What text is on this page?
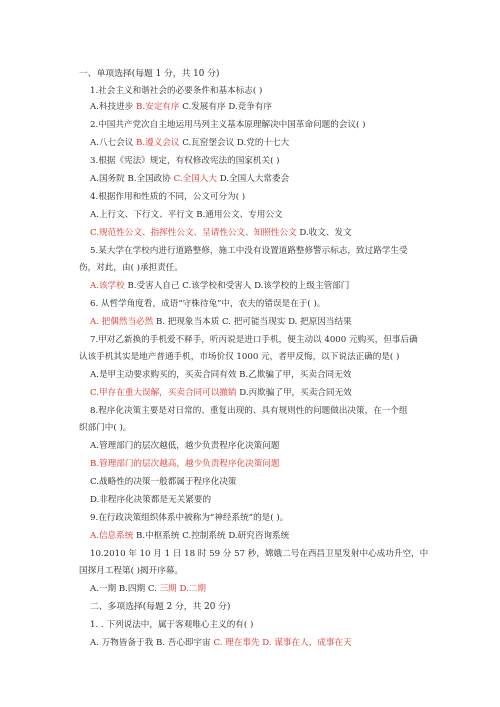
一、单项选择(每题 1 分，共 10 分)
1.社会主义和谐社会的必要条件和基本标志( )
A.科技进步 B.安定有序 C.发展有序 D.竞争有序
2.中国共产党次自主地运用马列主义基本原理解决中国革命问题的会议( )
A.八七会议 B.遵义会议 C.瓦窑堡会议 D.党的十七大
3.根据《宪法》规定，有权修改宪法的国家机关( )
A.国务院 B.全国政协 C.全国人大 D.全国人大常委会
4.根据作用和性质的不同，公文可分为( )
A.上行文、下行文、平行文 B.通用公文、专用公文
C.规范性公文、指挥性公文、呈请性公文、知照性公文 D.收文、发文
5.某大学在学校内进行道路整修，施工中没有设置道路整修警示标志，致过路学生受
伤，对此，由( )承担责任。
A.该学校 B.受害人自己 C.该学校和受害人 D.该学校的上级主管部门
6. 从哲学角度看，成语“守株待兔”中，农夫的错误是在于( )。
A. 把偶然当必然 B. 把现象当本质 C. 把可能当现实 D. 把原因当结果
7.甲对乙新换的手机爱不释手，听丙说是进口手机，便主动以 4000 元购买，但事后确
认该手机其实是地产普通手机，市场价仅 1000 元，者甲反悔，以下说法正确的是( )
A.是甲主动要求购买的，买卖合同有效 B.乙欺骗了甲，买卖合同无效
C.甲存在重大误解，买卖合同可以撤销 D.丙欺骗了甲，买卖合同无效
8.程序化决策主要是对日常的、重复出现的、具有规则性的问题做出决策，在一个组
织部门中( )。
A.管理部门的层次越低，越少负责程序化决策问题
B.管理部门的层次越高，越少负责程序化决策问题
C.战略性的决策一般都属于程序化决策
D.非程序化决策都是无关紧要的
9.在行政决策组织体系中被称为“神经系统”的是( )。
A.信息系统 B.中枢系统 C.控制系统 D.研究咨询系统
10.2010 年 10 月 1 日 18 时 59 分 57 秒，嫦娥二号在西昌卫星发射中心成功升空，中
国探月工程第( )揭开序幕。
A.一期 B.四期 C. 三期 D.二期
二、多项选择(每题 2 分，共 20 分)
1. . 下列说法中，属于客观唯心主义的有( )
A. 万物皆备于我 B. 吾心即宇宙 C. 理在事先 D. 谋事在人，成事在天
